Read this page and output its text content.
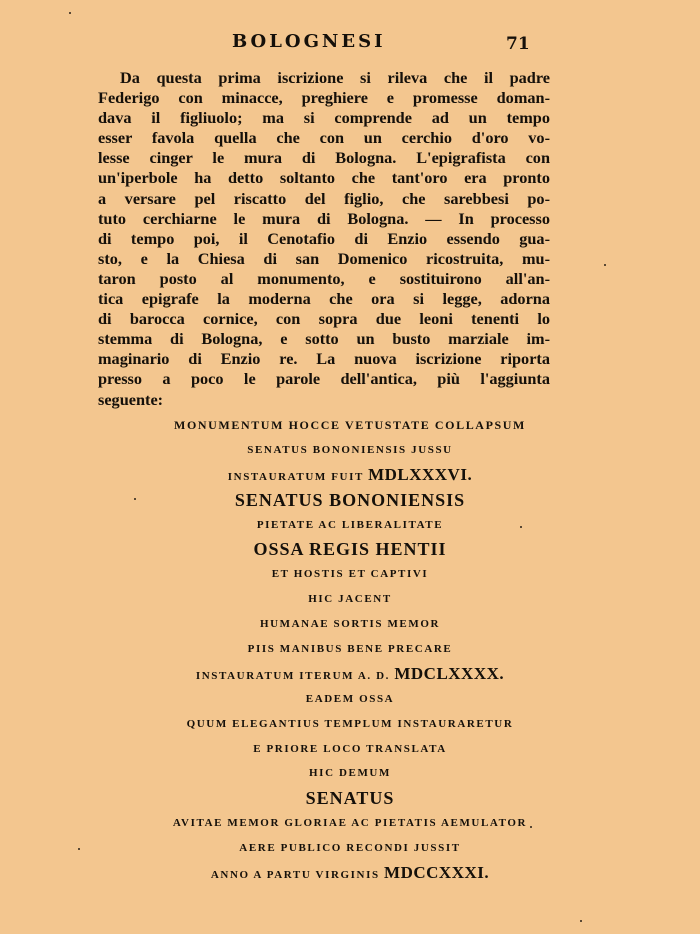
BOLOGNESI	71
Da questa prima iscrizione si rileva che il padre
Federigo con minacce, preghiere e promesse doman-
dava il figliuolo; ma si comprende ad un tempo
esser favola quella che con un cerchio d'oro vo-
lesse cinger le mura di Bologna. L'epigrafista con
un'iperbole ha detto soltanto che tant'oro era pronto
a versare pel riscatto del figlio, che sarebbesi po-
tuto cerchiarne le mura di Bologna. — In processo
di tempo poi, il Cenotafio di Enzio essendo gua-
sto, e la Chiesa di san Domenico ricostruita, mu-
taron posto al monumento, e sostituirono all'an-
tica epigrafe la moderna che ora si legge, adorna
di barocca cornice, con sopra due leoni tenenti lo
stemma di Bologna, e sotto un busto marziale im-
maginario di Enzio re. La nuova iscrizione riporta
presso a poco le parole dell'antica, più l'aggiunta
seguente:
MONUMENTUM HOCCE VETUSTATE COLLAPSUM
SENATUS BONONIENSIS JUSSU
INSTAURATUM FUIT MDLXXXVI.
SENATUS BONONIENSIS
PIETATE AC LIBERALITATE
OSSA REGIS HENTII
ET HOSTIS ET CAPTIVI
HIC JACENT
HUMANAE SORTIS MEMOR
PIIS MANIBUS BENE PRECARE
INSTAURATUM ITERUM A. D. MDCLXXXX.
EADEM OSSA
QUUM ELEGANTIUS TEMPLUM INSTAURARETUR
E PRIORE LOCO TRANSLATA
HIC DEMUM
SENATUS
AVITAE MEMOR GLORIAE AC PIETATIS AEMULATOR
AERE PUBLICO RECONDI JUSSIT
ANNO A PARTU VIRGINIS MDCCXXXI.
